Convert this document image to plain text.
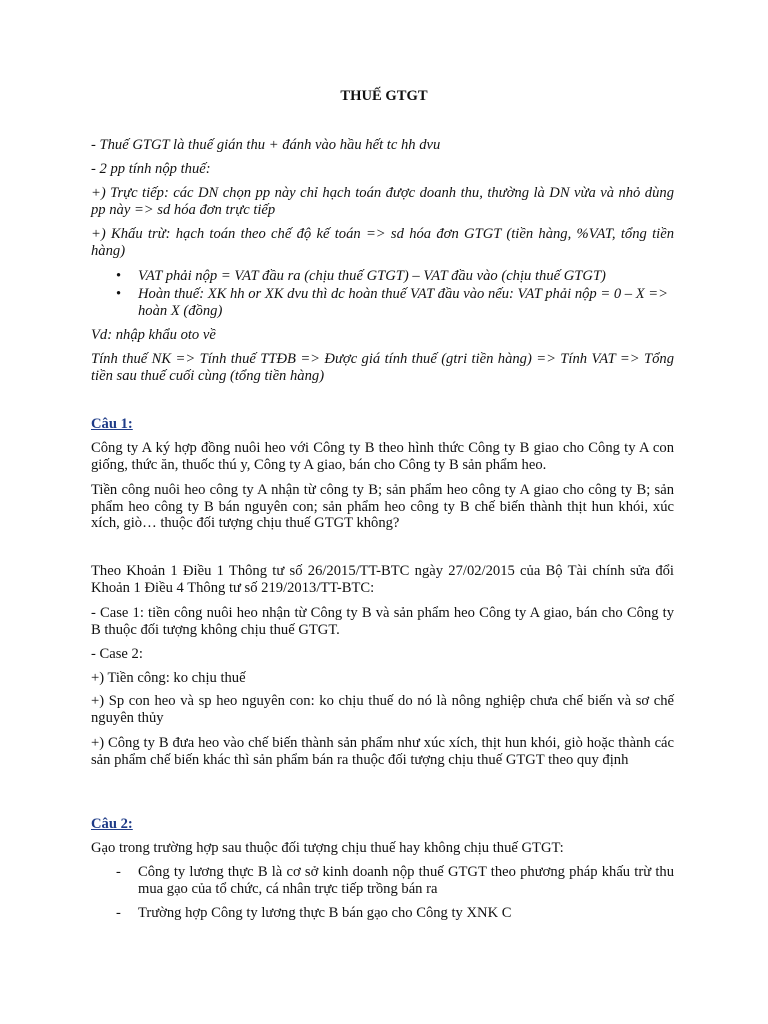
THUẾ GTGT

- Thuế GTGT là thuế gián thu + đánh vào hầu hết tc hh dvu

- 2 pp tính nộp thuế:

+) Trực tiếp: các DN chọn pp này chỉ hạch toán được doanh thu, thường là DN vừa và nhỏ dùng pp này => sd hóa đơn trực tiếp

+) Khấu trừ: hạch toán theo chế độ kế toán => sd hóa đơn GTGT (tiền hàng, %VAT, tổng tiền hàng)

•	VAT phải nộp = VAT đầu ra (chịu thuế GTGT) – VAT đầu vào (chịu thuế GTGT)

•	Hoàn thuế: XK hh or XK dvu thì dc hoàn thuế VAT đầu vào nếu: VAT phải nộp = 0 – X => hoàn X (đồng)

Vd: nhập khẩu oto về

Tính thuế NK => Tính thuế TTĐB => Được giá tính thuế (gtri tiền hàng) => Tính VAT => Tổng tiền sau thuế cuối cùng (tổng tiền hàng)

Câu 1:

Công ty A ký hợp đồng nuôi heo với Công ty B theo hình thức Công ty B giao cho Công ty A con giống, thức ăn, thuốc thú y, Công ty A giao, bán cho Công ty B sản phẩm heo.

Tiền công nuôi heo công ty A nhận từ công ty B; sản phẩm heo công ty A giao cho công ty B; sản phẩm heo công ty B bán nguyên con; sản phẩm heo công ty B chế biến thành thịt hun khói, xúc xích, giò… thuộc đối tượng chịu thuế GTGT không?

Theo Khoản 1 Điều 1 Thông tư số 26/2015/TT-BTC ngày 27/02/2015 của Bộ Tài chính sửa đổi Khoản 1 Điều 4 Thông tư số 219/2013/TT-BTC:

- Case 1: tiền công nuôi heo nhận từ Công ty B và sản phẩm heo Công ty A giao, bán cho Công ty B thuộc đối tượng không chịu thuế GTGT.

- Case 2:

+) Tiền công: ko chịu thuế

+) Sp con heo và sp heo nguyên con: ko chịu thuế do nó là nông nghiệp chưa chế biến và sơ chế nguyên thủy

+) Công ty B đưa heo vào chế biến thành sản phẩm như xúc xích, thịt hun khói, giò hoặc thành các sản phẩm chế biến khác thì sản phẩm bán ra thuộc đối tượng chịu thuế GTGT theo quy định

Câu 2:

Gạo trong trường hợp sau thuộc đối tượng chịu thuế hay không chịu thuế GTGT:

-	Công ty lương thực B là cơ sở kinh doanh nộp thuế GTGT theo phương pháp khấu trừ thu mua gạo của tổ chức, cá nhân trực tiếp trồng bán ra

-	Trường hợp Công ty lương thực B bán gạo cho Công ty XNK C
